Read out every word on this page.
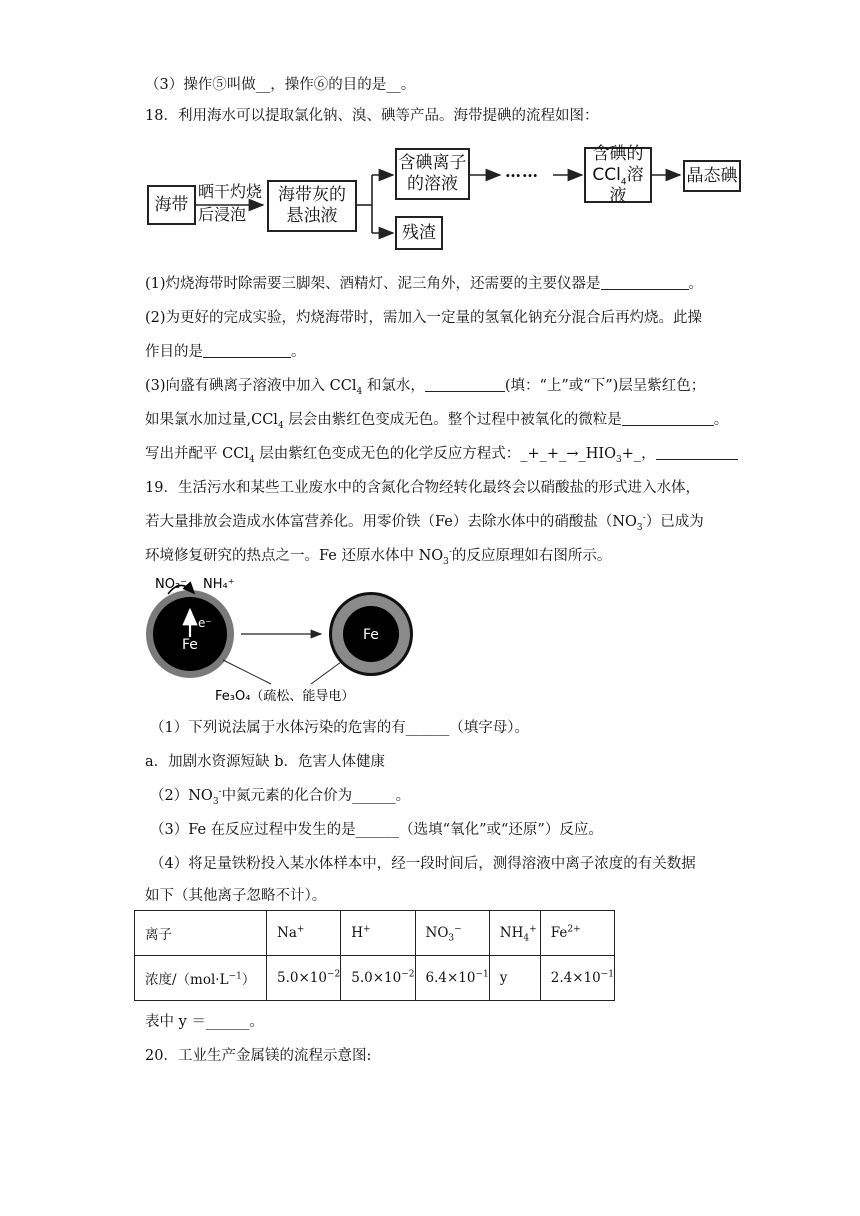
（3）操作⑤叫做__，操作⑥的目的是__。
18．利用海水可以提取氯化钠、溴、碘等产品。海带提碘的流程如图：
海带
晒干灼烧
后浸泡
海带灰的
悬浊液
含碘离子
的溶液
……
残渣
含碘的
CCl$_4$溶液
晶态碘
(1)灼烧海带时除需要三脚架、酒精灯、泥三角外，还需要的主要仪器是	。
(2)为更好的完成实验，灼烧海带时，需加入一定量的氢氧化钠充分混合后再灼烧。此操
作目的是	。
(3)向盛有碘离子溶液中加入 CCl$_4$ 和氯水，	(填：“上”或“下”)层呈紫红色；
如果氯水加过量,CCl$_4$ 层会由紫红色变成无色。整个过程中被氧化的微粒是	。
写出并配平 CCl$_4$ 层由紫红色变成无色的化学反应方程式：$\_+\_+\_\to\_HIO_3+\_$，
19．生活污水和某些工业废水中的含氮化合物经转化最终会以硝酸盐的形式进入水体，
若大量排放会造成水体富营养化。用零价铁（Fe）去除水体中的硝酸盐$(NO_3^-)$已成为
环境修复研究的热点之一。Fe 还原水体中 $NO_3^-$的反应原理如右图所示。
NO₃⁻ NH₄⁺
e⁻
Fe
Fe
Fe₃O₄（疏松、能导电）
（1）下列说法属于水体污染的危害的有______（填字母）。
a．加剧水资源短缺 b．危害人体健康
$(2)NO_3^-$中氮元素的化合价为______。
（3）Fe 在反应过程中发生的是______（选填“氧化”或“还原”）反应。
（4）将足量铁粉投入某水体样本中，经一段时间后，测得溶液中离子浓度的有关数据
如下（其他离子忽略不计）。
离子	Na+	H+	$NO_3^-$	$NH_4^+$	$Fe^{2+}$
浓度$/(mol\cdot L^{-1})$	$5.0\times 10^{-2}$	$5.0\times 10^{-2}$	$6.4\times 10^{-1}$	y	$2.4\times 10^{-1}$
表中 y ＝______。
20．工业生产金属镁的流程示意图:
